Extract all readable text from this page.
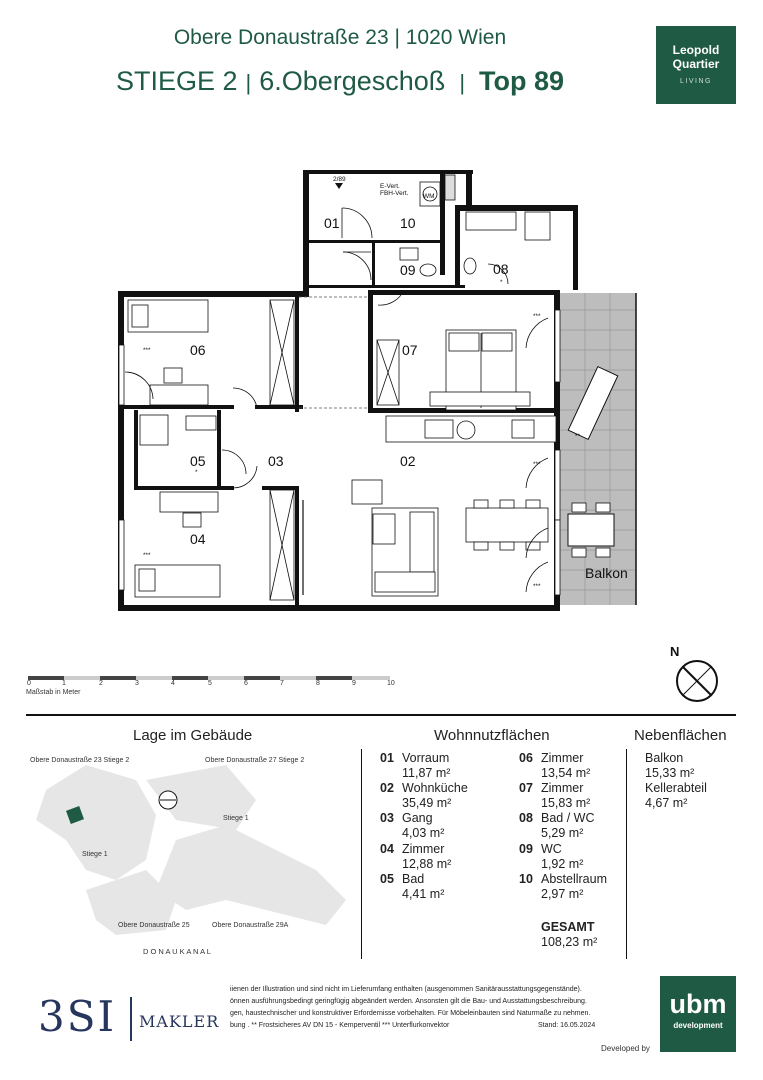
Obere Donaustraße 23 | 1020 Wien
STIEGE 2 | 6.Obergeschoß | Top 89
Leopold
Quartier
LIVING
01	10
09	08
06	07
05	03	02
04
Balkon
2/89
E-Vert.
FBH-Vert. WM
***
***
***
***
***
*
*
**
N
Maßstab in Meter
0	1	2	3	4	5	6	7	8	9	10
Lage im Gebäude
Obere Donaustraße 23 Stiege 2	Obere Donaustraße 27 Stiege 2
Stiege 1
Stiege 1
Obere Donaustraße 25	Obere Donaustraße 29A
D O N A U K A N A L
Wohnnutzflächen
01 Vorraum
11,87 m²
02 Wohnküche
35,49 m²
03 Gang
4,03 m²
04 Zimmer
12,88 m²
05 Bad
4,41 m²
06 Zimmer
13,54 m²
07 Zimmer
15,83 m²
08 Bad / WC
5,29 m²
09 WC
1,92 m²
10 Abstellraum
2,97 m²
GESAMT
108,23 m²
Nebenflächen
Balkon
15,33 m²
Kellerabteil
4,67 m²
3SI MAKLER
iienen der Illustration und sind nicht im Lieferumfang enthalten (ausgenommen Sanitärausstattungsgegenstände).
önnen ausführungsbedingt geringfügig abgeändert werden. Ansonsten gilt die Bau- und Ausstattungsbeschreibung.
gen, haustechnischer und konstruktiver Erfordernisse vorbehalten. Für Möbeleinbauten sind Naturmaße zu nehmen.
bung . ** Frostsicheres AV DN 15 - Kemperventil *** Unterflurkonvektor	Stand: 16.05.2024
Developed by
ubm
development
